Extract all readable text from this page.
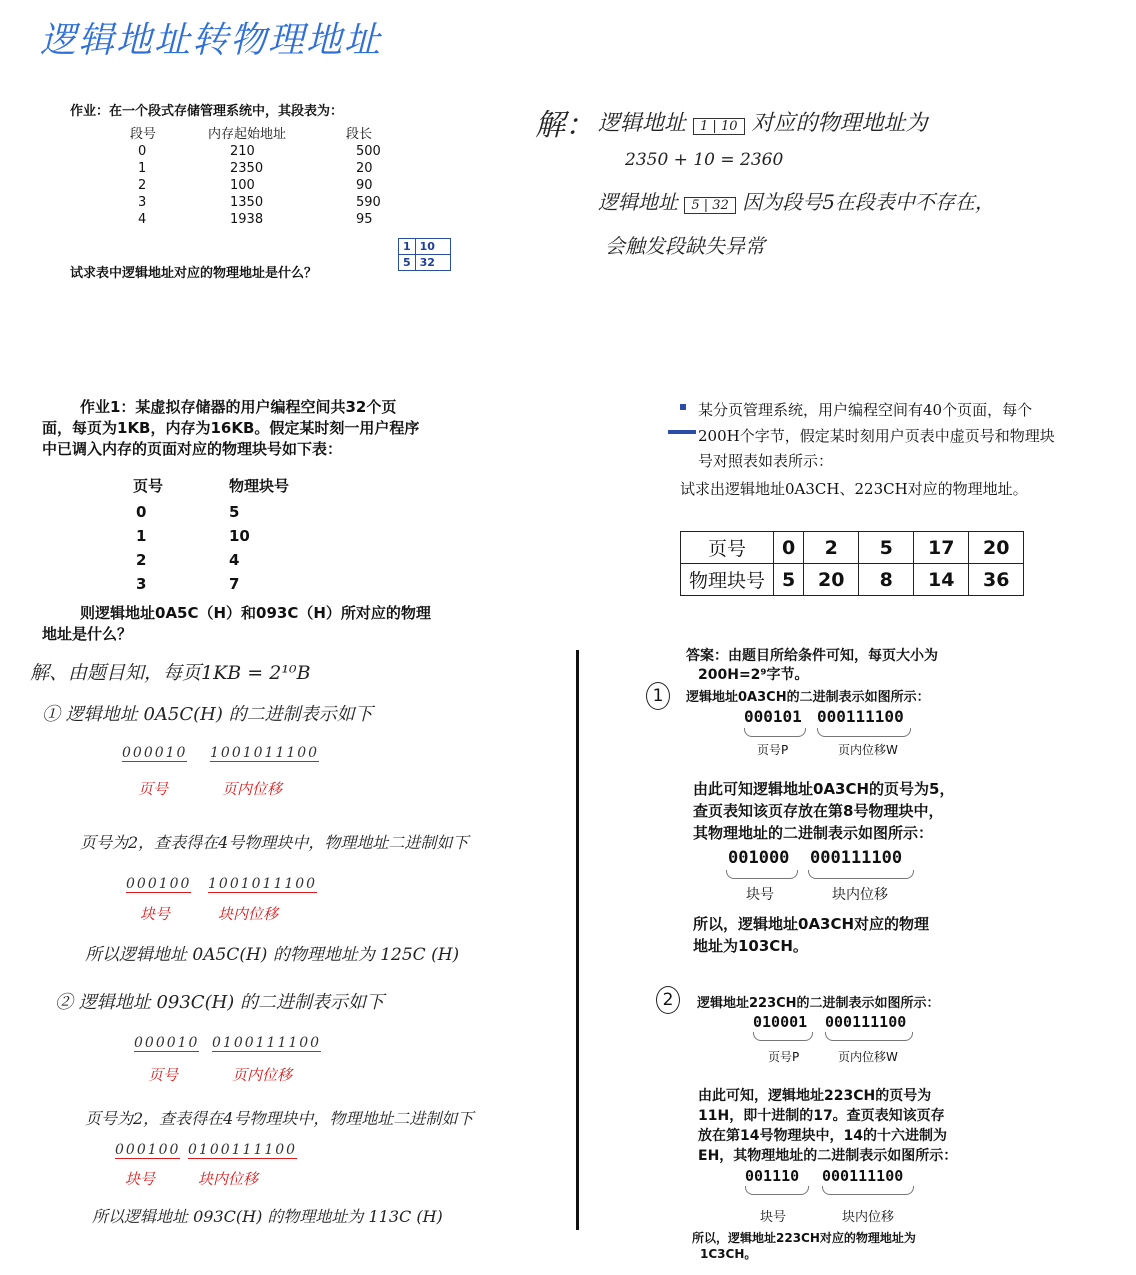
逻辑地址转物理地址
作业：在一个段式存储管理系统中，其段表为：
段号	内存起始地址	段长
0	210	500
1	2350	20
2	100	90
3	1350	590
4	1938	95
试求表中逻辑地址对应的物理地址是什么？
1	10
5	32
解： 逻辑地址 1 | 10 对应的物理地址为
2350 + 10 = 2360
逻辑地址 5 | 32 因为段号5在段表中不存在，
会触发段缺失异常
作业1：某虚拟存储器的用户编程空间共32个页
面，每页为1KB，内存为16KB。假定某时刻一用户程序
中已调入内存的页面对应的物理块号如下表：
页号	物理块号
0	5
1	10
2	4
3	7
则逻辑地址0A5C（H）和093C（H）所对应的物理
地址是什么？
解、由题目知，每页1KB = 2¹⁰B
① 逻辑地址 0A5C(H) 的二进制表示如下
000010 1001011100
页号	页内位移
页号为2，查表得在4号物理块中，物理地址二进制如下
000100 1001011100
块号	块内位移
所以逻辑地址 0A5C(H) 的物理地址为 125C (H)
② 逻辑地址 093C(H) 的二进制表示如下
000010 0100111100
页号	页内位移
页号为2，查表得在4号物理块中，物理地址二进制如下
000100 0100111100
块号	块内位移
所以逻辑地址 093C(H) 的物理地址为 113C (H)
某分页管理系统，用户编程空间有40个页面，每个
200H个字节，假定某时刻用户页表中虚页号和物理块
号对照表如表所示：
试求出逻辑地址0A3CH、223CH对应的物理地址。
页号	0	2	5	17	20
物理块号	5	20	8	14	36
答案：由题目所给条件可知，每页大小为
200H=2⁹字节。
1	逻辑地址0A3CH的二进制表示如图所示：
000101 000111100
页号P	页内位移W
由此可知逻辑地址0A3CH的页号为5，
查页表知该页存放在第8号物理块中，
其物理地址的二进制表示如图所示：
001000 000111100
块号	块内位移
所以，逻辑地址0A3CH对应的物理
地址为103CH。
2	逻辑地址223CH的二进制表示如图所示：
010001 000111100
页号P	页内位移W
由此可知，逻辑地址223CH的页号为
11H，即十进制的17。查页表知该页存
放在第14号物理块中，14的十六进制为
EH，其物理地址的二进制表示如图所示：
001110 000111100
块号	块内位移
所以，逻辑地址223CH对应的物理地址为
1C3CH。
